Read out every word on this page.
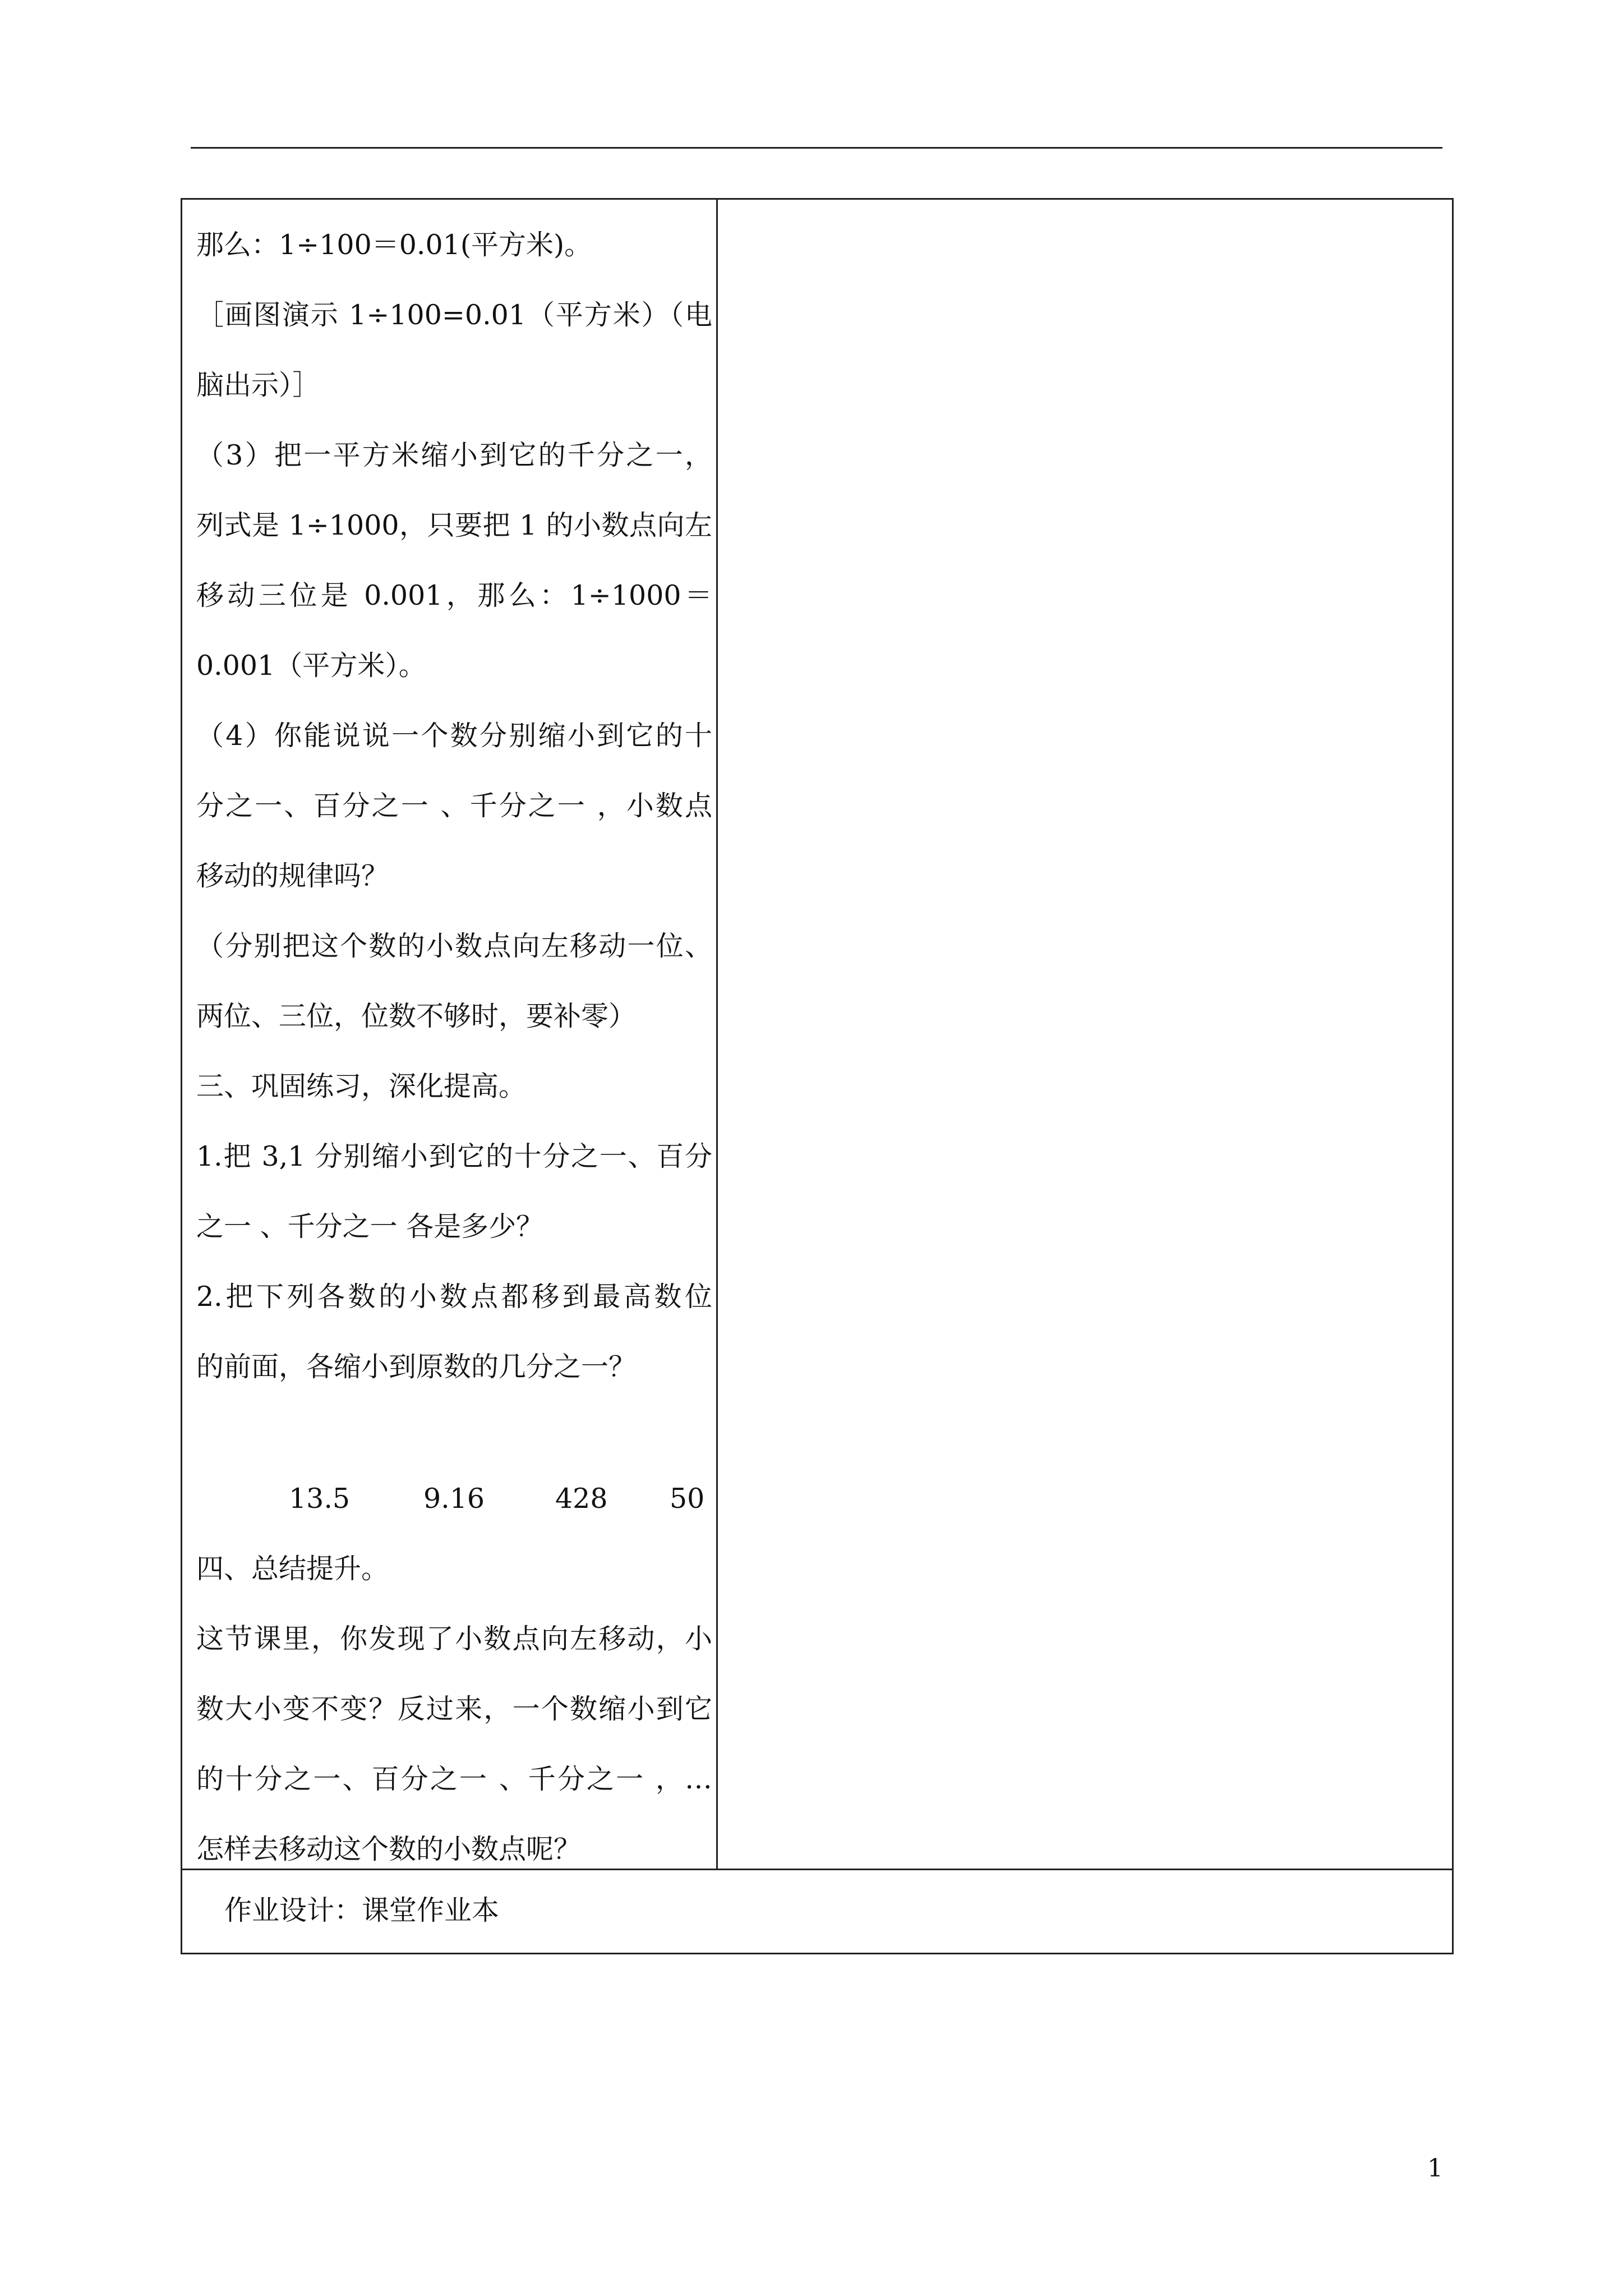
那么：1÷100＝0.01(平方米)。
［画图演示 1÷100=0.01（平方米）（电
脑出示）］
（3）把一平方米缩小到它的千分之一，
列式是 1÷1000，只要把 1 的小数点向左
移动三位是 0.001，那么：1÷1000＝
0.001（平方米）。
（4）你能说说一个数分别缩小到它的十
分之一、百分之一 、千分之一 ，小数点
移动的规律吗？
（分别把这个数的小数点向左移动一位、
两位、三位，位数不够时，要补零）
三、巩固练习，深化提高。
1.把 3,1 分别缩小到它的十分之一、百分
之一 、千分之一 各是多少？
2.把下列各数的小数点都移到最高数位
的前面，各缩小到原数的几分之一？
13.5	9.16	428 50
四、总结提升。
这节课里，你发现了小数点向左移动，小
数大小变不变？反过来，一个数缩小到它
的十分之一、百分之一 、千分之一 ，…
怎样去移动这个数的小数点呢？
作业设计：课堂作业本
1
